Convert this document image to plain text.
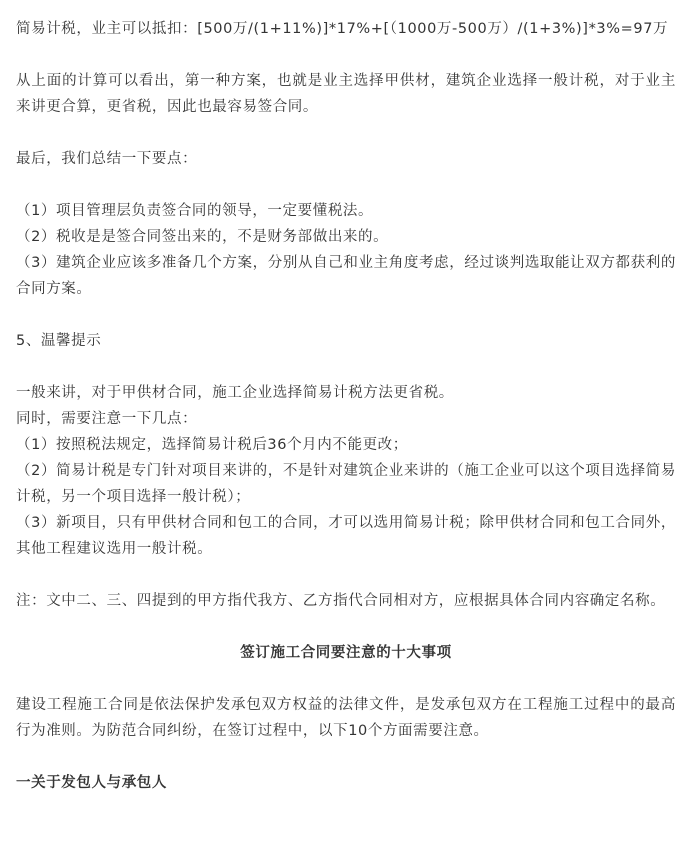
简易计税，业主可以抵扣：[500万/(1+11%)]*17%+[（1000万-500万）/(1+3%)]*3%=97万

从上面的计算可以看出，第一种方案，也就是业主选择甲供材，建筑企业选择一般计税，对于业主来讲更合算，更省税，因此也最容易签合同。

最后，我们总结一下要点：

（1）项目管理层负责签合同的领导，一定要懂税法。

（2）税收是是签合同签出来的，不是财务部做出来的。

（3）建筑企业应该多准备几个方案，分别从自己和业主角度考虑，经过谈判选取能让双方都获利的合同方案。

5、温馨提示

一般来讲，对于甲供材合同，施工企业选择简易计税方法更省税。

同时，需要注意一下几点：

（1）按照税法规定，选择简易计税后36个月内不能更改；

（2）简易计税是专门针对项目来讲的，不是针对建筑企业来讲的（施工企业可以这个项目选择简易计税，另一个项目选择一般计税）；

（3）新项目，只有甲供材合同和包工的合同，才可以选用简易计税；除甲供材合同和包工合同外，其他工程建议选用一般计税。

注：文中二、三、四提到的甲方指代我方、乙方指代合同相对方，应根据具体合同内容确定名称。

签订施工合同要注意的十大事项

建设工程施工合同是依法保护发承包双方权益的法律文件，是发承包双方在工程施工过程中的最高行为准则。为防范合同纠纷，在签订过程中，以下10个方面需要注意。

一关于发包人与承包人
